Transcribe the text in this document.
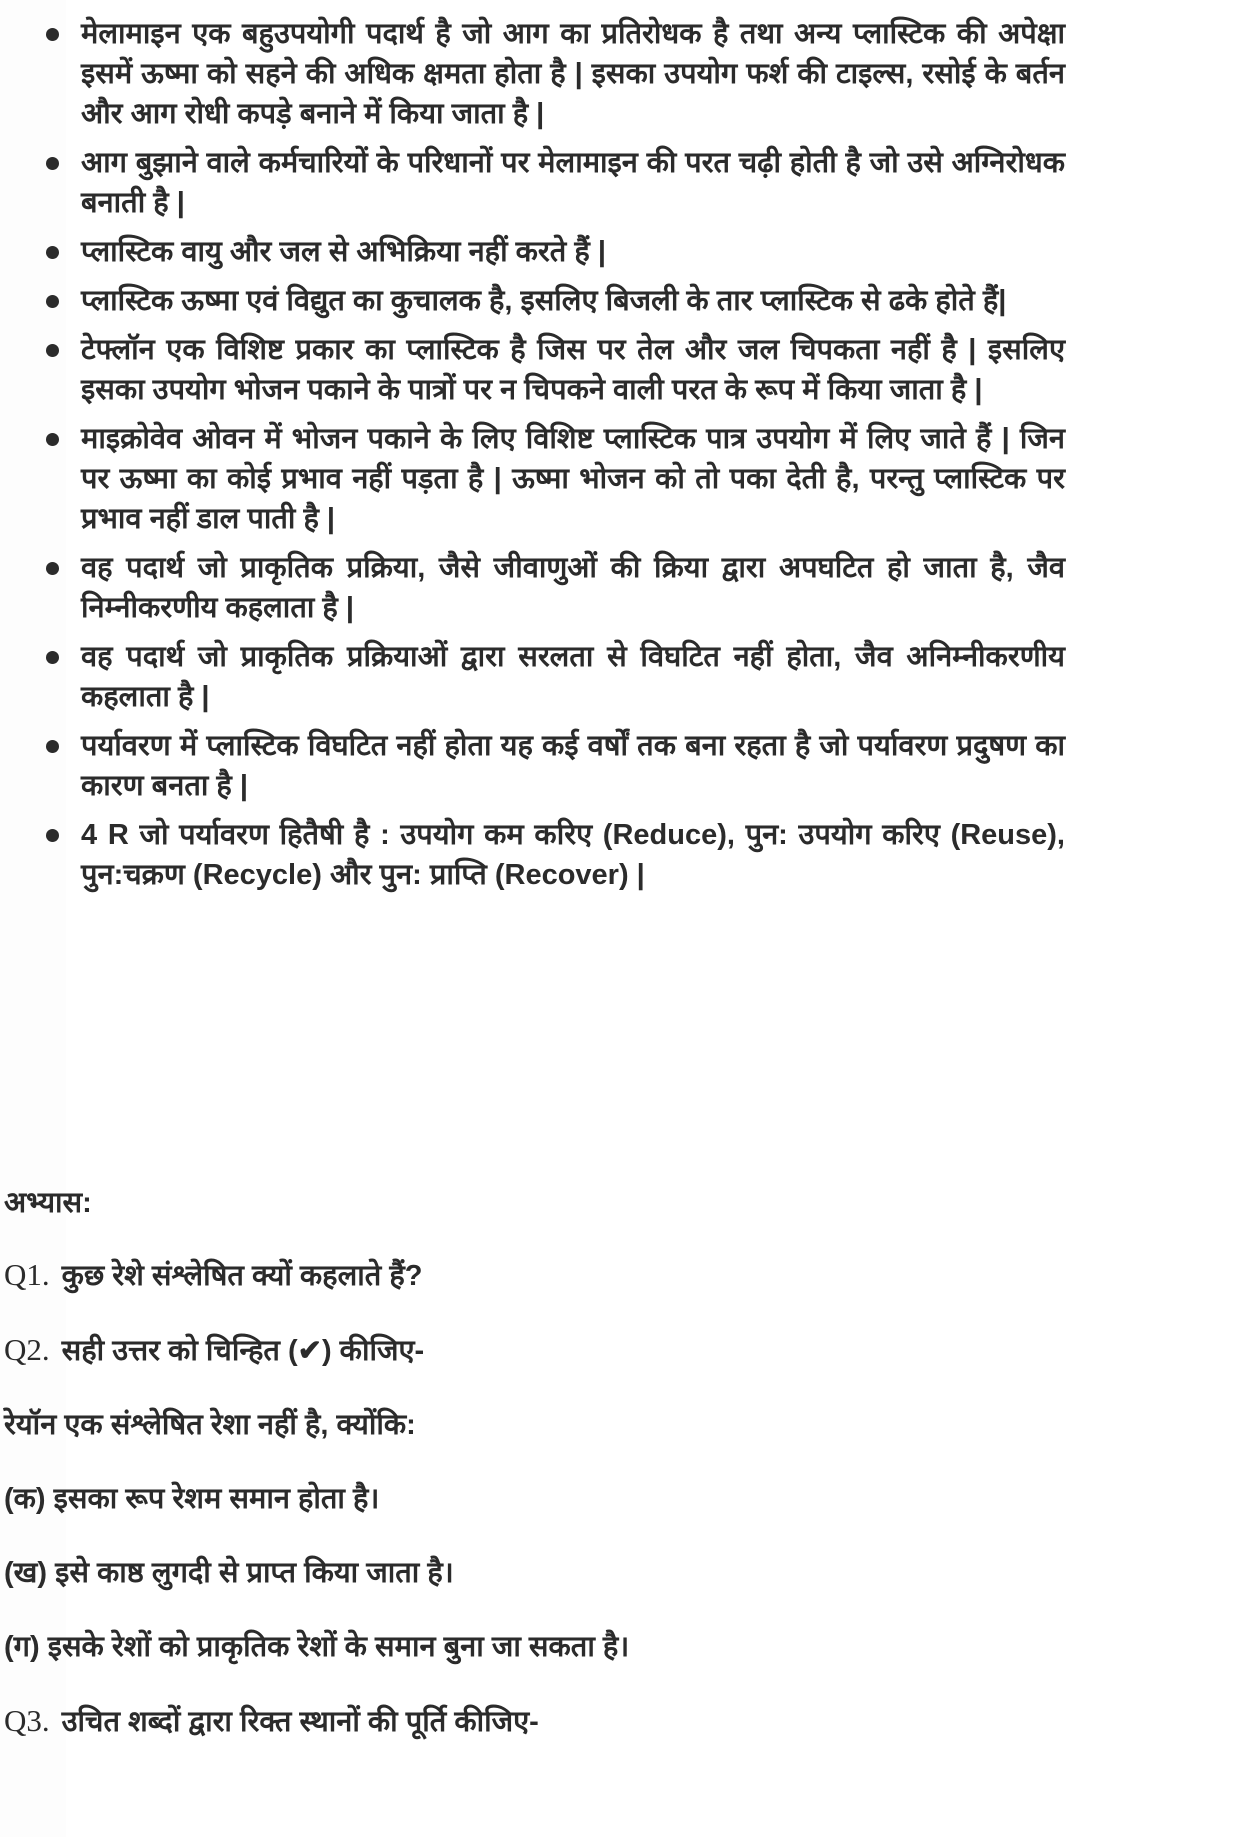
मेलामाइन एक बहुउपयोगी पदार्थ है जो आग का प्रतिरोधक है तथा अन्य प्लास्टिक की अपेक्षा इसमें ऊष्मा को सहने की अधिक क्षमता होता है | इसका उपयोग फर्श की टाइल्स, रसोई के बर्तन और आग रोधी कपड़े बनाने में किया जाता है |
आग बुझाने वाले कर्मचारियों के परिधानों पर मेलामाइन की परत चढ़ी होती है जो उसे अग्निरोधक बनाती है |
प्लास्टिक वायु और जल से अभिक्रिया नहीं करते हैं |
प्लास्टिक ऊष्मा एवं विद्युत का कुचालक है, इसलिए बिजली के तार प्लास्टिक से ढके होते हैं|
टेफ्लॉन एक विशिष्ट प्रकार का प्लास्टिक है जिस पर तेल और जल चिपकता नहीं है | इसलिए इसका उपयोग भोजन पकाने के पात्रों पर न चिपकने वाली परत के रूप में किया जाता है |
माइक्रोवेव ओवन में भोजन पकाने के लिए विशिष्ट प्लास्टिक पात्र उपयोग में लिए जाते हैं | जिन पर ऊष्मा का कोई प्रभाव नहीं पड़ता है | ऊष्मा भोजन को तो पका देती है, परन्तु प्लास्टिक पर प्रभाव नहीं डाल पाती है |
वह पदार्थ जो प्राकृतिक प्रक्रिया, जैसे जीवाणुओं की क्रिया द्वारा अपघटित हो जाता है, जैव निम्नीकरणीय कहलाता है |
वह पदार्थ जो प्राकृतिक प्रक्रियाओं द्वारा सरलता से विघटित नहीं होता, जैव अनिम्नीकरणीय कहलाता है |
पर्यावरण में प्लास्टिक विघटित नहीं होता यह कई वर्षों तक बना रहता है जो पर्यावरण प्रदुषण का कारण बनता है |
4 R जो पर्यावरण हितैषी है : उपयोग कम करिए (Reduce), पुन: उपयोग करिए (Reuse), पुन:चक्रण (Recycle) और पुन: प्राप्ति (Recover) |
अभ्यास:
Q1. कुछ रेशे संश्लेषित क्यों कहलाते हैं?
Q2. सही उत्तर को चिन्हित (✔) कीजिए-
रेयॉन एक संश्लेषित रेशा नहीं है, क्योंकि:
(क) इसका रूप रेशम समान होता है।
(ख) इसे काष्ठ लुगदी से प्राप्त किया जाता है।
(ग) इसके रेशों को प्राकृतिक रेशों के समान बुना जा सकता है।
Q3. उचित शब्दों द्वारा रिक्त स्थानों की पूर्ति कीजिए-
